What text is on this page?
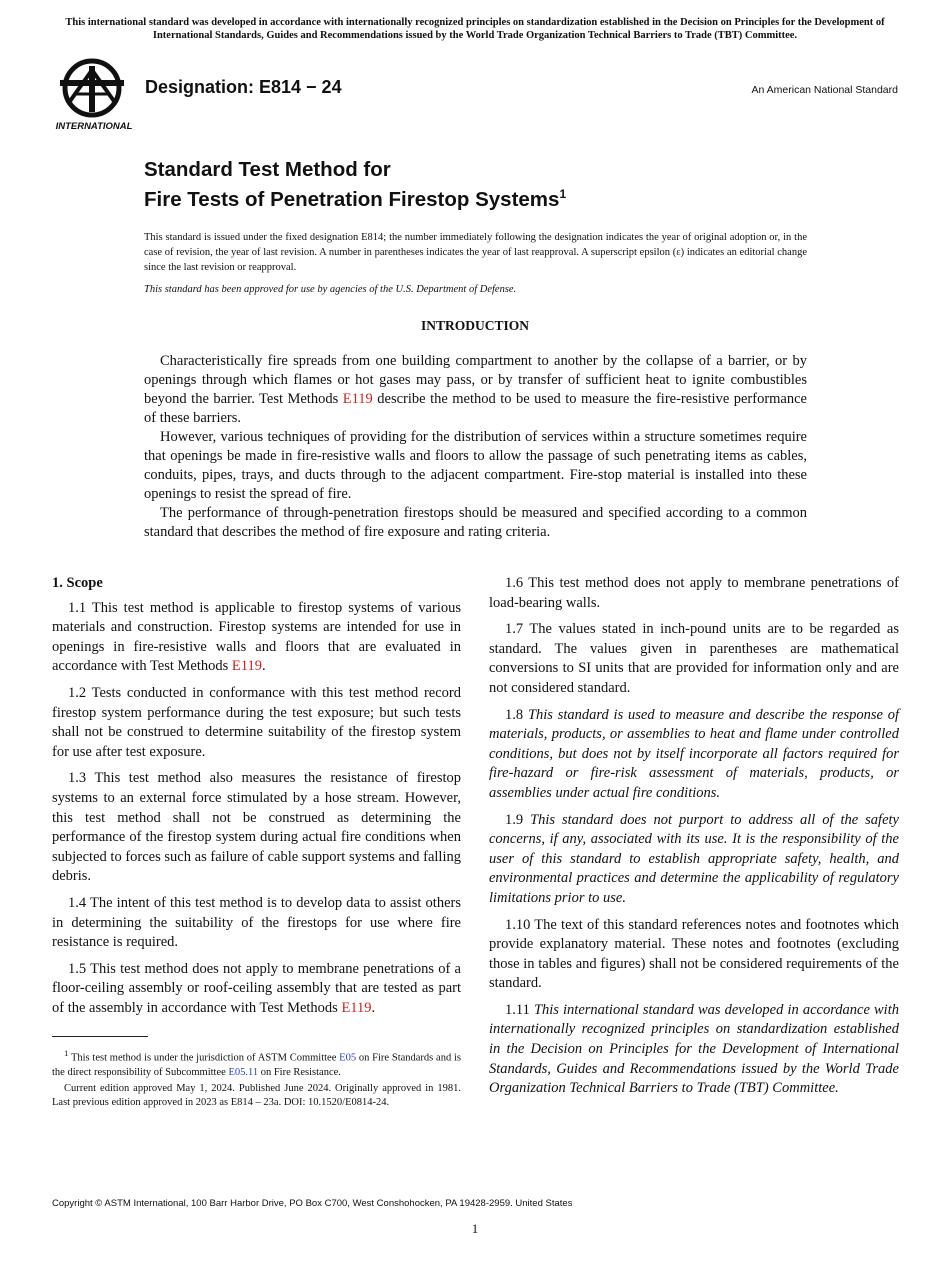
This international standard was developed in accordance with internationally recognized principles on standardization established in the Decision on Principles for the Development of International Standards, Guides and Recommendations issued by the World Trade Organization Technical Barriers to Trade (TBT) Committee.
INTERNATIONAL
Designation: E814 − 24	An American National Standard
Standard Test Method for
Fire Tests of Penetration Firestop Systems$^1$
This standard is issued under the fixed designation E814; the number immediately following the designation indicates the year of original adoption or, in the case of revision, the year of last revision. A number in parentheses indicates the year of last reapproval. A superscript epsilon (ε) indicates an editorial change since the last revision or reapproval.
This standard has been approved for use by agencies of the U.S. Department of Defense.
INTRODUCTION

Characteristically fire spreads from one building compartment to another by the collapse of a barrier, or by openings through which flames or hot gases may pass, or by transfer of sufficient heat to ignite combustibles beyond the barrier. Test Methods E119 describe the method to be used to measure the fire-resistive performance of these barriers.

However, various techniques of providing for the distribution of services within a structure sometimes require that openings be made in fire-resistive walls and floors to allow the passage of such penetrating items as cables, conduits, pipes, trays, and ducts through to the adjacent compartment. Fire-stop material is installed into these openings to resist the spread of fire.

The performance of through-penetration firestops should be measured and specified according to a common standard that describes the method of fire exposure and rating criteria.

1. Scope

1.1 This test method is applicable to firestop systems of various materials and construction. Firestop systems are intended for use in openings in fire-resistive walls and floors that are evaluated in accordance with Test Methods E119.

1.2 Tests conducted in conformance with this test method record firestop system performance during the test exposure; but such tests shall not be construed to determine suitability of the firestop system for use after test exposure.

1.3 This test method also measures the resistance of firestop systems to an external force stimulated by a hose stream. However, this test method shall not be construed as determining the performance of the firestop system during actual fire conditions when subjected to forces such as failure of cable support systems and falling debris.

1.4 The intent of this test method is to develop data to assist others in determining the suitability of the firestops for use where fire resistance is required.

1.5 This test method does not apply to membrane penetrations of a floor-ceiling assembly or roof-ceiling assembly that are tested as part of the assembly in accordance with Test Methods E119.

1.6 This test method does not apply to membrane penetrations of load-bearing walls.

1.7 The values stated in inch-pound units are to be regarded as standard. The values given in parentheses are mathematical conversions to SI units that are provided for information only and are not considered standard.

1.8 This standard is used to measure and describe the response of materials, products, or assemblies to heat and flame under controlled conditions, but does not by itself incorporate all factors required for fire-hazard or fire-risk assessment of materials, products, or assemblies under actual fire conditions.

1.9 This standard does not purport to address all of the safety concerns, if any, associated with its use. It is the responsibility of the user of this standard to establish appropriate safety, health, and environmental practices and determine the applicability of regulatory limitations prior to use.

1.10 The text of this standard references notes and footnotes which provide explanatory material. These notes and footnotes (excluding those in tables and figures) shall not be considered requirements of the standard.

1.11 This international standard was developed in accordance with internationally recognized principles on standardization established in the Decision on Principles for the Development of International Standards, Guides and Recommendations issued by the World Trade Organization Technical Barriers to Trade (TBT) Committee.

$^1$ This test method is under the jurisdiction of ASTM Committee E05 on Fire Standards and is the direct responsibility of Subcommittee E05.11 on Fire Resistance.

Current edition approved May 1, 2024. Published June 2024. Originally approved in 1981. Last previous edition approved in 2023 as E814 – 23a. DOI: 10.1520/E0814-24.

Copyright © ASTM International, 100 Barr Harbor Drive, PO Box C700, West Conshohocken, PA 19428-2959. United States
1
